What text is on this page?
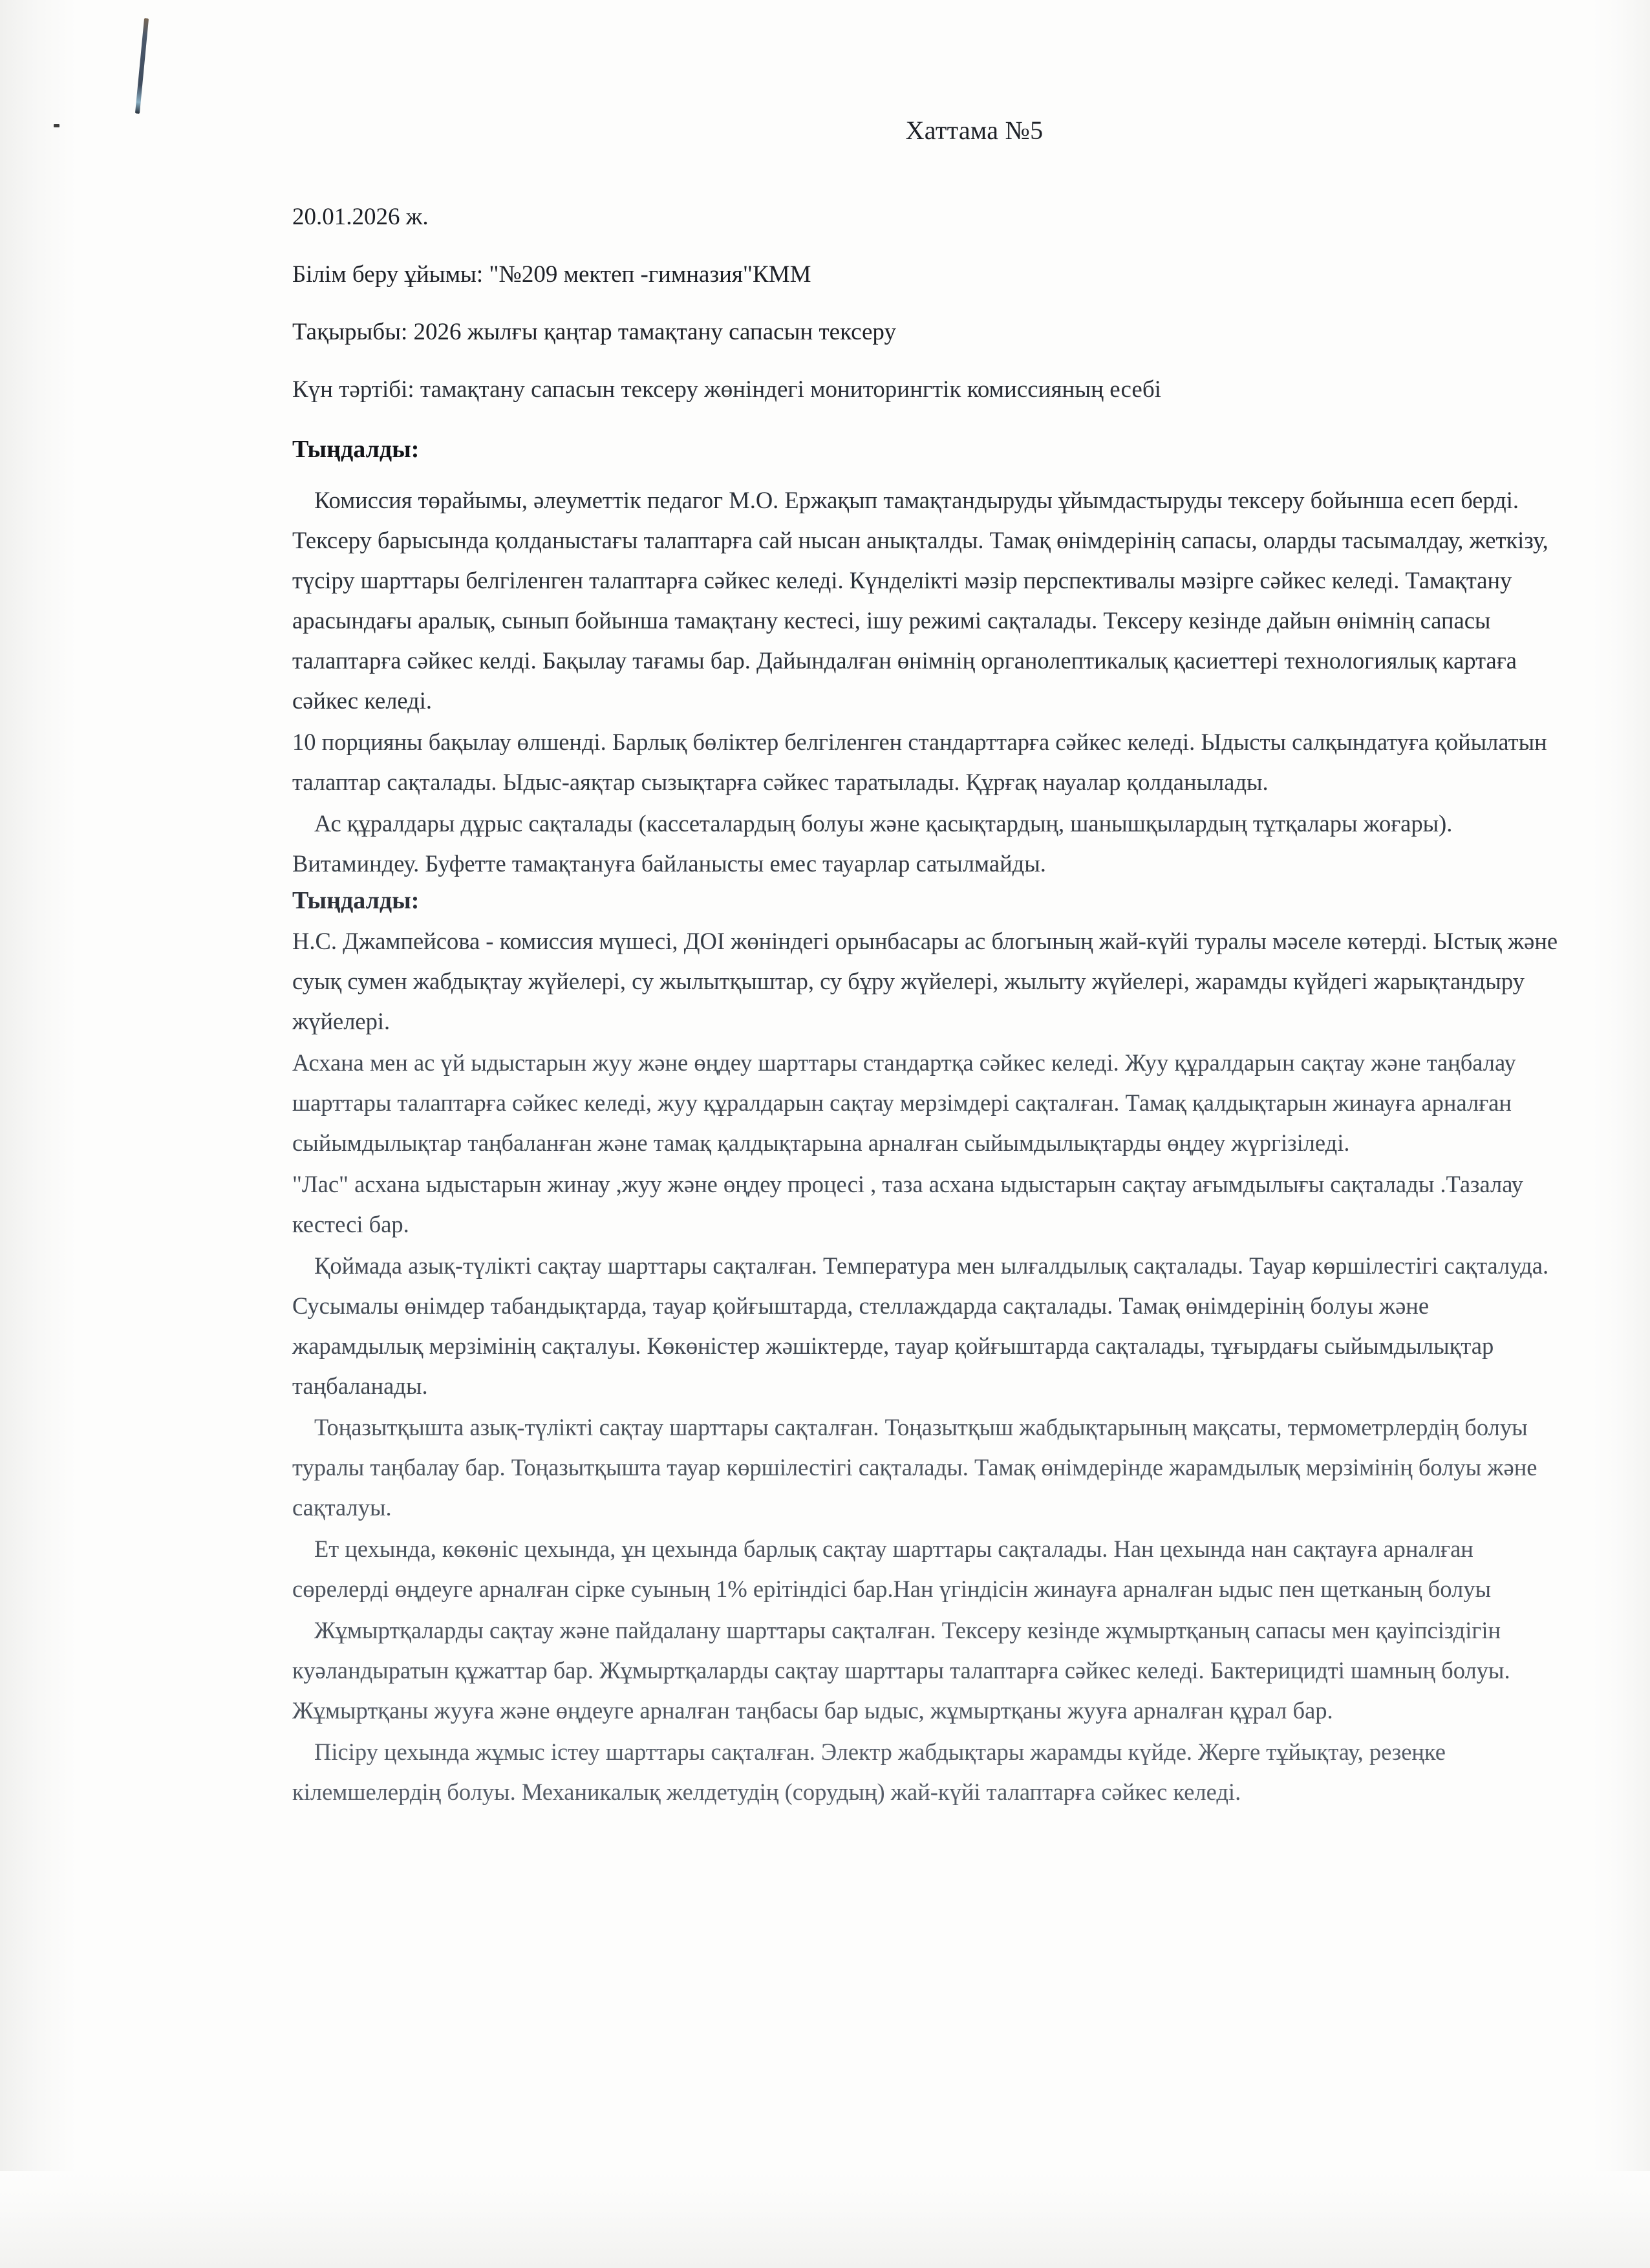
Хаттама №5
20.01.2026 ж.
Білім беру ұйымы: "№209 мектеп -гимназия"КММ
Тақырыбы: 2026 жылғы қаңтар тамақтану сапасын тексеру
Күн тәртібі: тамақтану сапасын тексеру жөніндегі мониторингтік комиссияның есебі
Тыңдалды:

Комиссия төрайымы, әлеуметтік педагог М.О. Ержақып тамақтандыруды ұйымдастыруды тексеру бойынша есеп берді. Тексеру барысында қолданыстағы талаптарға сай нысан анықталды. Тамақ өнімдерінің сапасы, оларды тасымалдау, жеткізу, түсіру шарттары белгіленген талаптарға сәйкес келеді. Күнделікті мәзір перспективалы мәзірге сәйкес келеді. Тамақтану арасындағы аралық, сынып бойынша тамақтану кестесі, ішу режимі сақталады. Тексеру кезінде дайын өнімнің сапасы талаптарға сәйкес келді. Бақылау тағамы бар. Дайындалған өнімнің органолептикалық қасиеттері технологиялық картаға сәйкес келеді.

10 порцияны бақылау өлшенді. Барлық бөліктер белгіленген стандарттарға сәйкес келеді. Ыдысты салқындатуға қойылатын талаптар сақталады. Ыдыс-аяқтар сызықтарға сәйкес таратылады. Құрғақ науалар қолданылады.

Ас құралдары дұрыс сақталады (кассеталардың болуы және қасықтардың, шанышқылардың тұтқалары жоғары). Витаминдеу. Буфетте тамақтануға байланысты емес тауарлар сатылмайды.

Тыңдалды:

Н.С. Джампейсова - комиссия мүшесі, ДОІ жөніндегі орынбасары ас блогының жай-күйі туралы мәселе көтерді. Ыстық және суық сумен жабдықтау жүйелері, су жылытқыштар, су бұру жүйелері, жылыту жүйелері, жарамды күйдегі жарықтандыру жүйелері.

Асхана мен ас үй ыдыстарын жуу және өңдеу шарттары стандартқа сәйкес келеді. Жуу құралдарын сақтау және таңбалау шарттары талаптарға сәйкес келеді, жуу құралдарын сақтау мерзімдері сақталған. Тамақ қалдықтарын жинауға арналған сыйымдылықтар таңбаланған және тамақ қалдықтарына арналған сыйымдылықтарды өңдеу жүргізіледі.

"Лас" асхана ыдыстарын жинау ,жуу және өңдеу процесі , таза асхана ыдыстарын сақтау ағымдылығы сақталады .Тазалау кестесі бар.

Қоймада азық-түлікті сақтау шарттары сақталған. Температура мен ылғалдылық сақталады. Тауар көршілестігі сақталуда. Сусымалы өнімдер табандықтарда, тауар қойғыштарда, стеллаждарда сақталады. Тамақ өнімдерінің болуы және жарамдылық мерзімінің сақталуы. Көкөністер жәшіктерде, тауар қойғыштарда сақталады, тұғырдағы сыйымдылықтар таңбаланады.

Тоңазытқышта азық-түлікті сақтау шарттары сақталған. Тоңазытқыш жабдықтарының мақсаты, термометрлердің болуы туралы таңбалау бар. Тоңазытқышта тауар көршілестігі сақталады. Тамақ өнімдерінде жарамдылық мерзімінің болуы және сақталуы.

Ет цехында, көкөніс цехында, ұн цехында барлық сақтау шарттары сақталады. Нан цехында нан сақтауға арналған сөрелерді өңдеуге арналған сірке суының 1% ерітіндісі бар.Нан үгіндісін жинауға арналған ыдыс пен щетканың болуы

Жұмыртқаларды сақтау және пайдалану шарттары сақталған. Тексеру кезінде жұмыртқаның сапасы мен қауіпсіздігін куәландыратын құжаттар бар. Жұмыртқаларды сақтау шарттары талаптарға сәйкес келеді. Бактерицидті шамның болуы. Жұмыртқаны жууға және өңдеуге арналған таңбасы бар ыдыс, жұмыртқаны жууға арналған құрал бар.

Пісіру цехында жұмыс істеу шарттары сақталған. Электр жабдықтары жарамды күйде. Жерге тұйықтау, резеңке кілемшелердің болуы. Механикалық желдетудің (сорудың) жай-күйі талаптарға сәйкес келеді.
